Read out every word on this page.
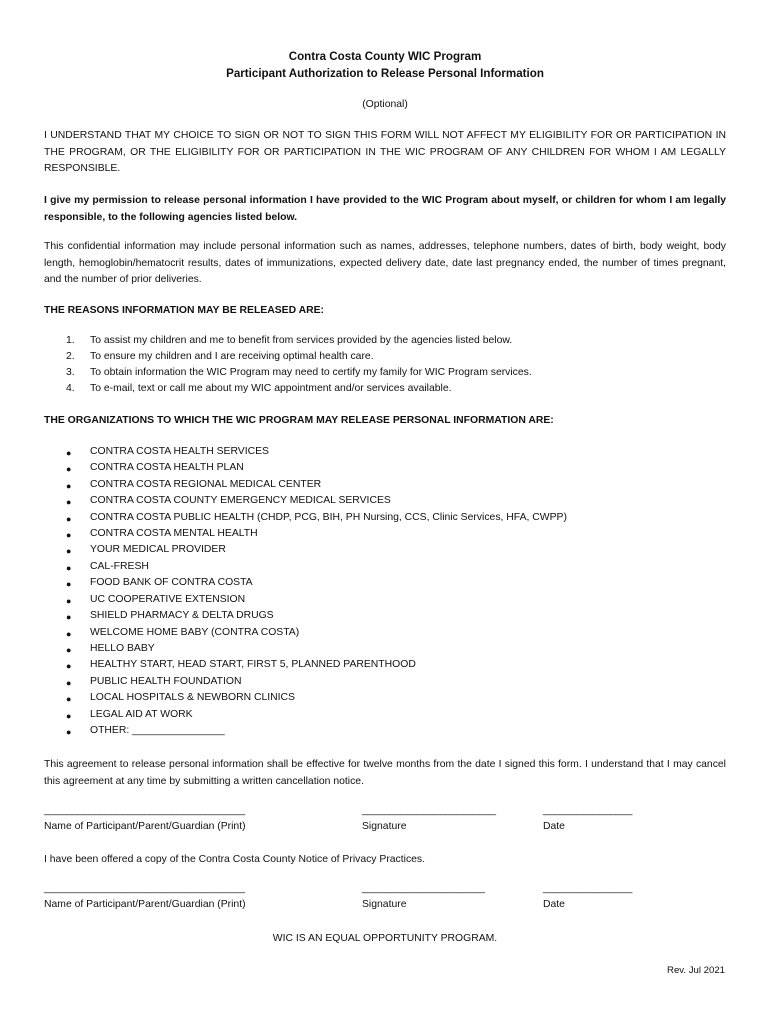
Contra Costa County WIC Program
Participant Authorization to Release Personal Information
(Optional)
I UNDERSTAND THAT MY CHOICE TO SIGN OR NOT TO SIGN THIS FORM WILL NOT AFFECT MY ELIGIBILITY FOR OR PARTICIPATION IN THE PROGRAM, OR THE ELIGIBILITY FOR OR PARTICIPATION IN THE WIC PROGRAM OF ANY CHILDREN FOR WHOM I AM LEGALLY RESPONSIBLE.
I give my permission to release personal information I have provided to the WIC Program about myself, or children for whom I am legally responsible, to the following agencies listed below.
This confidential information may include personal information such as names, addresses, telephone numbers, dates of birth, body weight, body length, hemoglobin/hematocrit results, dates of immunizations, expected delivery date, date last pregnancy ended, the number of times pregnant, and the number of prior deliveries.
THE REASONS INFORMATION MAY BE RELEASED ARE:
1. To assist my children and me to benefit from services provided by the agencies listed below.
2. To ensure my children and I are receiving optimal health care.
3. To obtain information the WIC Program may need to certify my family for WIC Program services.
4. To e-mail, text or call me about my WIC appointment and/or services available.
THE ORGANIZATIONS TO WHICH THE WIC PROGRAM MAY RELEASE PERSONAL INFORMATION ARE:
● CONTRA COSTA HEALTH SERVICES
● CONTRA COSTA HEALTH PLAN
● CONTRA COSTA REGIONAL MEDICAL CENTER
● CONTRA COSTA COUNTY EMERGENCY MEDICAL SERVICES
● CONTRA COSTA PUBLIC HEALTH (CHDP, PCG, BIH, PH Nursing, CCS, Clinic Services, HFA, CWPP)
● CONTRA COSTA MENTAL HEALTH
● YOUR MEDICAL PROVIDER
● CAL-FRESH
● FOOD BANK OF CONTRA COSTA
● UC COOPERATIVE EXTENSION
● SHIELD PHARMACY & DELTA DRUGS
● WELCOME HOME BABY (CONTRA COSTA)
● HELLO BABY
● HEALTHY START, HEAD START, FIRST 5, PLANNED PARENTHOOD
● PUBLIC HEALTH FOUNDATION
● LOCAL HOSPITALS & NEWBORN CLINICS
● LEGAL AID AT WORK
● OTHER: ________________
This agreement to release personal information shall be effective for twelve months from the date I signed this form. I understand that I may cancel this agreement at any time by submitting a written cancellation notice.
____________________________________	________________________	________________
Name of Participant/Parent/Guardian (Print)	Signature	Date
I have been offered a copy of the Contra Costa County Notice of Privacy Practices.
____________________________________	______________________	________________
Name of Participant/Parent/Guardian (Print)	Signature	Date
WIC IS AN EQUAL OPPORTUNITY PROGRAM.
Rev. Jul 2021
